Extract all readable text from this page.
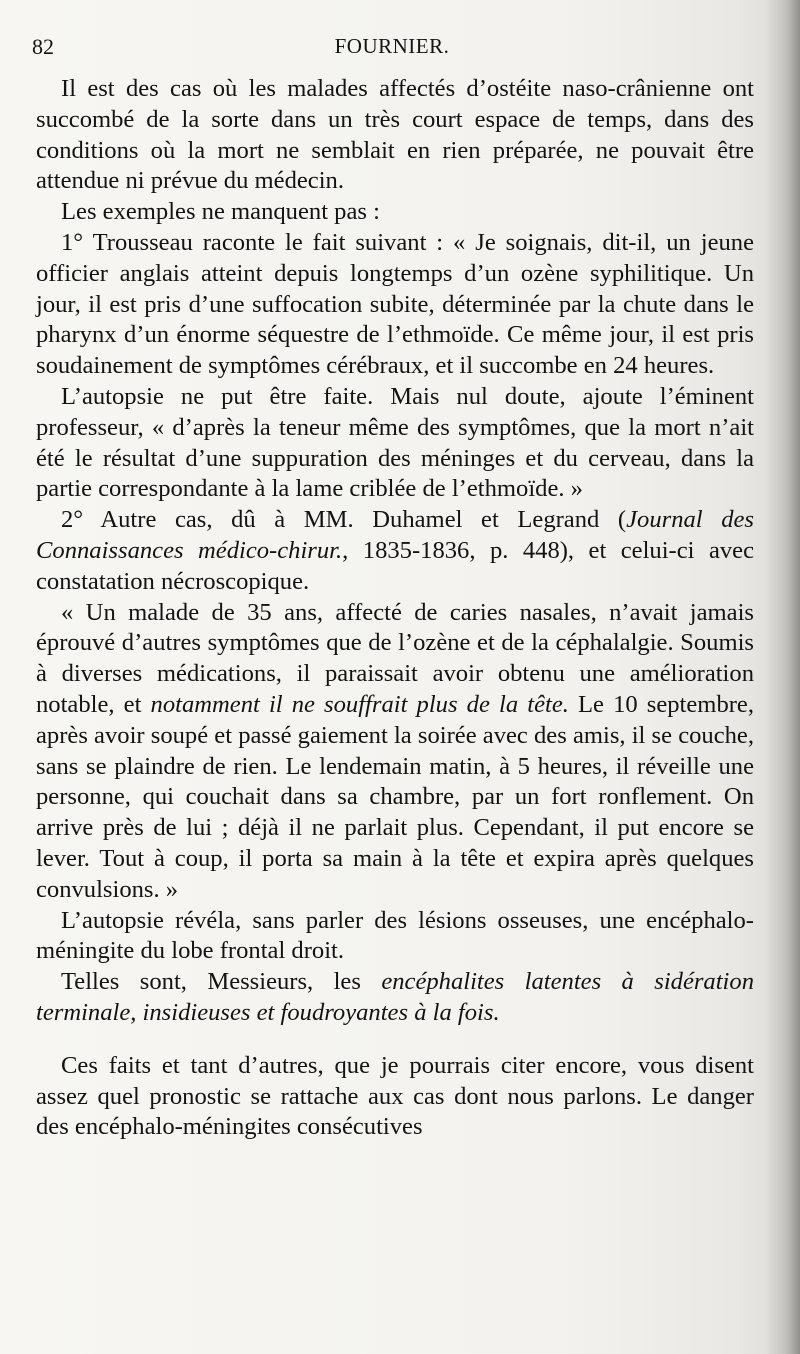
82	FOURNIER.

Il est des cas où les malades affectés d’ostéite naso-crânienne ont succombé de la sorte dans un très court espace de temps, dans des conditions où la mort ne semblait en rien préparée, ne pouvait être attendue ni prévue du médecin.

Les exemples ne manquent pas :

1° Trousseau raconte le fait suivant : « Je soignais, dit-il, un jeune officier anglais atteint depuis longtemps d’un ozène syphilitique. Un jour, il est pris d’une suffocation subite, déterminée par la chute dans le pharynx d’un énorme séquestre de l’ethmoïde. Ce même jour, il est pris soudainement de symptômes cérébraux, et il succombe en 24 heures.

L’autopsie ne put être faite. Mais nul doute, ajoute l’éminent professeur, « d’après la teneur même des symptômes, que la mort n’ait été le résultat d’une suppuration des méninges et du cerveau, dans la partie correspondante à la lame criblée de l’ethmoïde. »

2° Autre cas, dû à MM. Duhamel et Legrand (Journal des Connaissances médico-chirur., 1835-1836, p. 448), et celui-ci avec constatation nécroscopique.

« Un malade de 35 ans, affecté de caries nasales, n’avait jamais éprouvé d’autres symptômes que de l’ozène et de la céphalalgie. Soumis à diverses médications, il paraissait avoir obtenu une amélioration notable, et notamment il ne souffrait plus de la tête. Le 10 septembre, après avoir soupé et passé gaiement la soirée avec des amis, il se couche, sans se plaindre de rien. Le lendemain matin, à 5 heures, il réveille une personne, qui couchait dans sa chambre, par un fort ronflement. On arrive près de lui ; déjà il ne parlait plus. Cependant, il put encore se lever. Tout à coup, il porta sa main à la tête et expira après quelques convulsions. »

L’autopsie révéla, sans parler des lésions osseuses, une encéphalo-méningite du lobe frontal droit.

Telles sont, Messieurs, les encéphalites latentes à sidération terminale, insidieuses et foudroyantes à la fois.

Ces faits et tant d’autres, que je pourrais citer encore, vous disent assez quel pronostic se rattache aux cas dont nous parlons. Le danger des encéphalo-méningites consécutives
